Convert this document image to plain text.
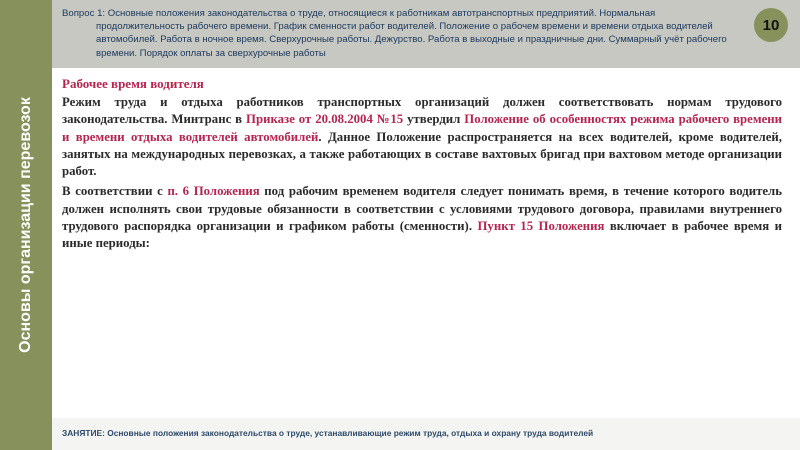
Основы организации перевозок
Вопрос 1: Основные положения законодательства о труде, относящиеся к работникам автотранспортных предприятий. Нормальная
продолжительность рабочего времени. График сменности работ водителей. Положение о рабочем времени и времени отдыха водителей автомобилей. Работа в ночное время. Сверхурочные работы. Дежурство. Работа в выходные и праздничные дни. Суммарный учёт рабочего времени. Порядок оплаты за сверхурочные работы
10
Рабочее время водителя

Режим труда и отдыха работников транспортных организаций должен соответствовать нормам трудового законодательства. Минтранс в Приказе от 20.08.2004 №15 утвердил Положение об особенностях режима рабочего времени и времени отдыха водителей автомобилей. Данное Положение распространяется на всех водителей, кроме водителей, занятых на международных перевозках, а также работающих в составе вахтовых бригад при вахтовом методе организации работ.

В соответствии с п. 6 Положения под рабочим временем водителя следует понимать время, в течение которого водитель должен исполнять свои трудовые обязанности в соответствии с условиями трудового договора, правилами внутреннего трудового распорядка организации и графиком работы (сменности). Пункт 15 Положения включает в рабочее время и иные периоды:

ЗАНЯТИЕ: Основные положения законодательства о труде, устанавливающие режим труда, отдыха и охрану труда водителей
